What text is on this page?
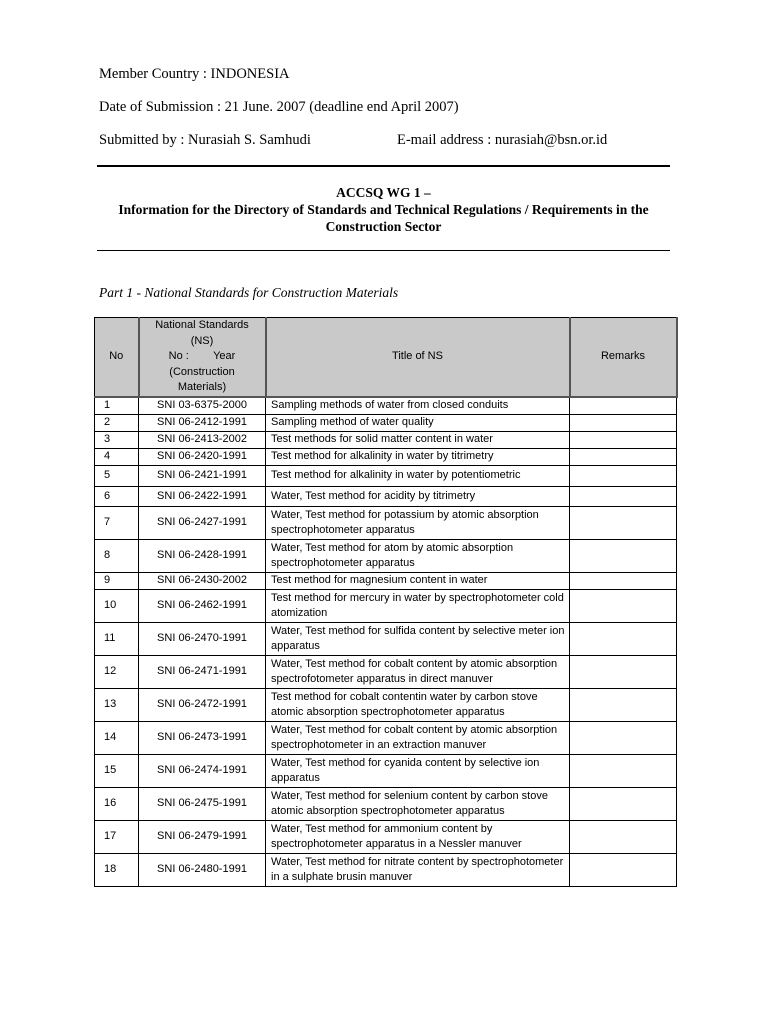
Member Country : INDONESIA
Date of Submission : 21 June. 2007 (deadline end April 2007)
Submitted by : Nurasiah S. Samhudi	E-mail address : nurasiah@bsn.or.id
ACCSQ WG 1 –
Information for the Directory of Standards and Technical Regulations / Requirements in the
Construction Sector
Part 1 - National Standards for Construction Materials
No	National Standards
(NS)
No :        Year
(Construction
Materials)	Title of NS	Remarks
1	SNI 03-6375-2000	Sampling methods of water from closed conduits	
2	SNI 06-2412-1991	Sampling method of water quality	
3	SNI 06-2413-2002	Test methods for solid matter content in water	
4	SNI 06-2420-1991	Test method for alkalinity in water by titrimetry	
5	SNI 06-2421-1991	Test method for alkalinity in water by potentiometric	
6	SNI 06-2422-1991	Water, Test method for acidity by titrimetry	
7	SNI 06-2427-1991	Water, Test method for potassium by atomic absorption spectrophotometer apparatus	
8	SNI 06-2428-1991	Water, Test method for atom by atomic absorption spectrophotometer apparatus	
9	SNI 06-2430-2002	Test method for magnesium content in water	
10	SNI 06-2462-1991	Test method for mercury in water by spectrophotometer cold atomization	
11	SNI 06-2470-1991	Water, Test method for sulfida content by selective meter ion apparatus	
12	SNI 06-2471-1991	Water, Test method for cobalt content by atomic absorption spectrofotometer apparatus in direct manuver	
13	SNI 06-2472-1991	Test method for cobalt contentin water by carbon stove atomic absorption spectrophotometer apparatus	
14	SNI 06-2473-1991	Water, Test method for cobalt content by atomic absorption spectrophotometer in an extraction manuver	
15	SNI 06-2474-1991	Water, Test method for cyanida content by selective ion apparatus	
16	SNI 06-2475-1991	Water, Test method for selenium content by carbon stove atomic absorption spectrophotometer apparatus	
17	SNI 06-2479-1991	Water, Test method for ammonium content by spectrophotometer apparatus in a Nessler manuver	
18	SNI 06-2480-1991	Water, Test method for nitrate content by spectrophotometer in a sulphate brusin manuver	
